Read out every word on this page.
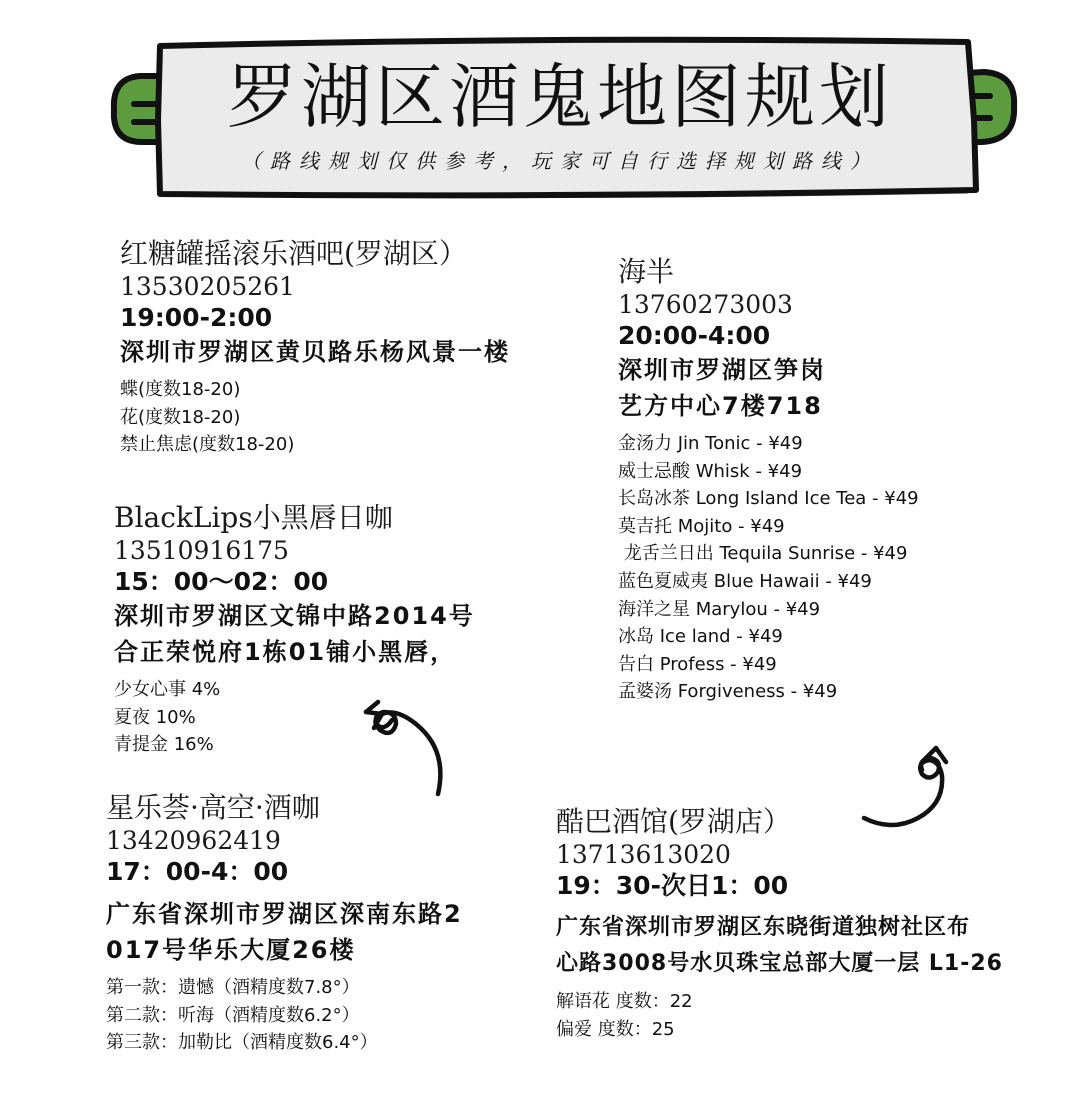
罗湖区酒鬼地图规划
（路线规划仅供参考，玩家可自行选择规划路线）
红糖罐摇滚乐酒吧(罗湖区）
13530205261
19:00-2:00
深圳市罗湖区黄贝路乐杨风景一楼
蝶(度数18-20)
花(度数18-20)
禁止焦虑(度数18-20)
海半
13760273003
20:00-4:00
深圳市罗湖区笋岗
艺方中心7楼718
金汤力 Jin Tonic - ¥49
威士忌酸 Whisk - ¥49
长岛冰茶 Long Island Ice Tea - ¥49
莫吉托 Mojito - ¥49
龙舌兰日出 Tequila Sunrise - ¥49
蓝色夏威夷 Blue Hawaii - ¥49
海洋之星 Marylou - ¥49
冰岛 Ice land - ¥49
告白 Profess - ¥49
孟婆汤 Forgiveness - ¥49
BlackLips小黑唇日咖
13510916175
15：00～02：00
深圳市罗湖区文锦中路2014号
合正荣悦府1栋01铺小黑唇，
少女心事 4%
夏夜 10%
青提金 16%
星乐荟·高空·酒咖
13420962419
17：00-4：00
广东省深圳市罗湖区深南东路2
017号华乐大厦26楼
第一款：遗憾（酒精度数7.8°）
第二款：听海（酒精度数6.2°）
第三款：加勒比（酒精度数6.4°）
酷巴酒馆(罗湖店）
13713613020
19：30-次日1：00
广东省深圳市罗湖区东晓街道独树社区布
心路3008号水贝珠宝总部大厦一层 L1-26
解语花 度数：22
偏爱 度数：25
